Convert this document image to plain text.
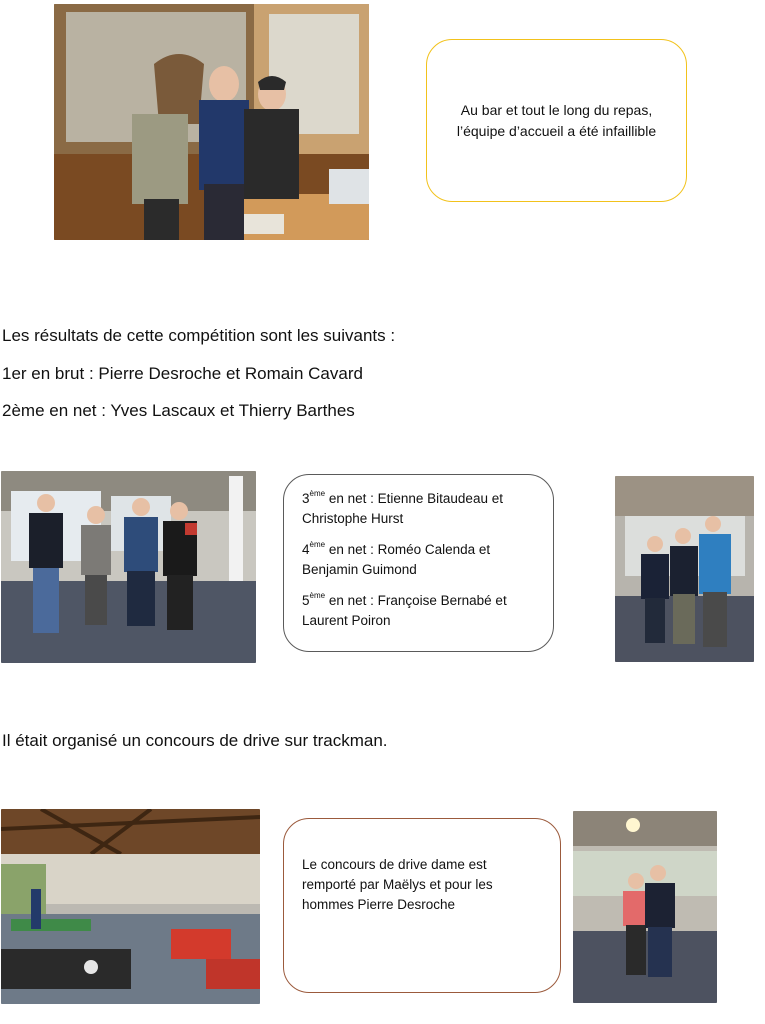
Au bar et tout le long du repas, l’équipe d’accueil a été infaillible
Les résultats de cette compétition sont les suivants :
1er en brut : Pierre Desroche et Romain Cavard
2ème en net : Yves Lascaux et Thierry Barthes

3ème en net : Etienne Bitaudeau et Christophe Hurst

4ème en net : Roméo Calenda et Benjamin Guimond

5ème en net : Françoise Bernabé et Laurent Poiron

Il était organisé un concours de drive sur trackman.
Le concours de drive dame est remporté par Maëlys et pour les hommes Pierre Desroche
